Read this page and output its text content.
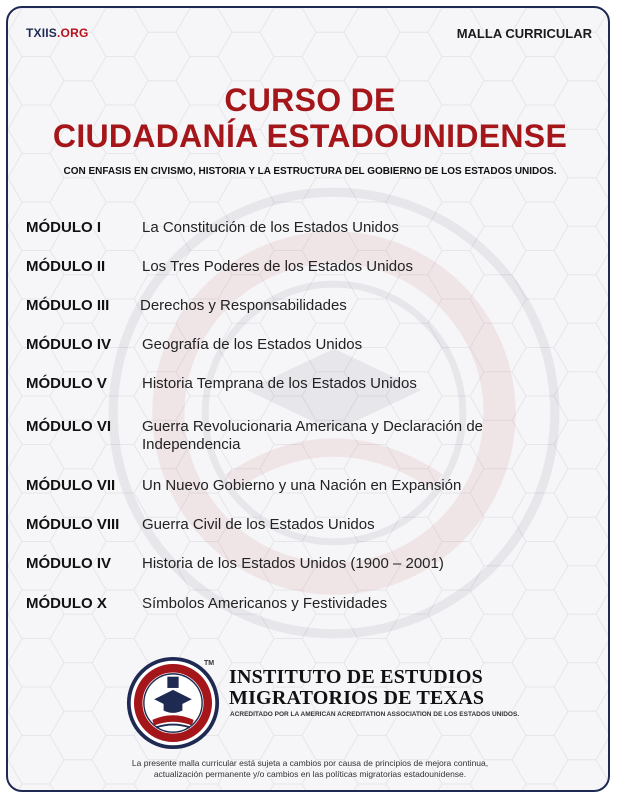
TXIIS.ORG	MALLA CURRICULAR
CURSO DE
CIUDADANÍA ESTADOUNIDENSE
CON ENFASIS EN CIVISMO, HISTORIA Y LA ESTRUCTURA DEL GOBIERNO DE LOS ESTADOS UNIDOS.
MÓDULO I	La Constitución de los Estados Unidos
MÓDULO II Los Tres Poderes de los Estados Unidos
MÓDULO III Derechos y Responsabilidades
MÓDULO IV Geografía de los Estados Unidos
MÓDULO V Historia Temprana de los Estados Unidos
MÓDULO VI Guerra Revolucionaria Americana y Declaración de Independencia
MÓDULO VII Un Nuevo Gobierno y una Nación en Expansión
MÓDULO VIII Guerra Civil de los Estados Unidos
MÓDULO IV Historia de los Estados Unidos (1900 – 2001)
MÓDULO X Símbolos Americanos y Festividades
TM
INSTITUTO DE ESTUDIOS
MIGRATORIOS DE TEXAS
ACREDITADO POR LA AMERICAN ACREDITATION ASSOCIATION DE LOS ESTADOS UNIDOS.
La presente malla curricular está sujeta a cambios por causa de principios de mejora continua,
actualización permanente y/o cambios en las políticas migratorias estadounidense.
